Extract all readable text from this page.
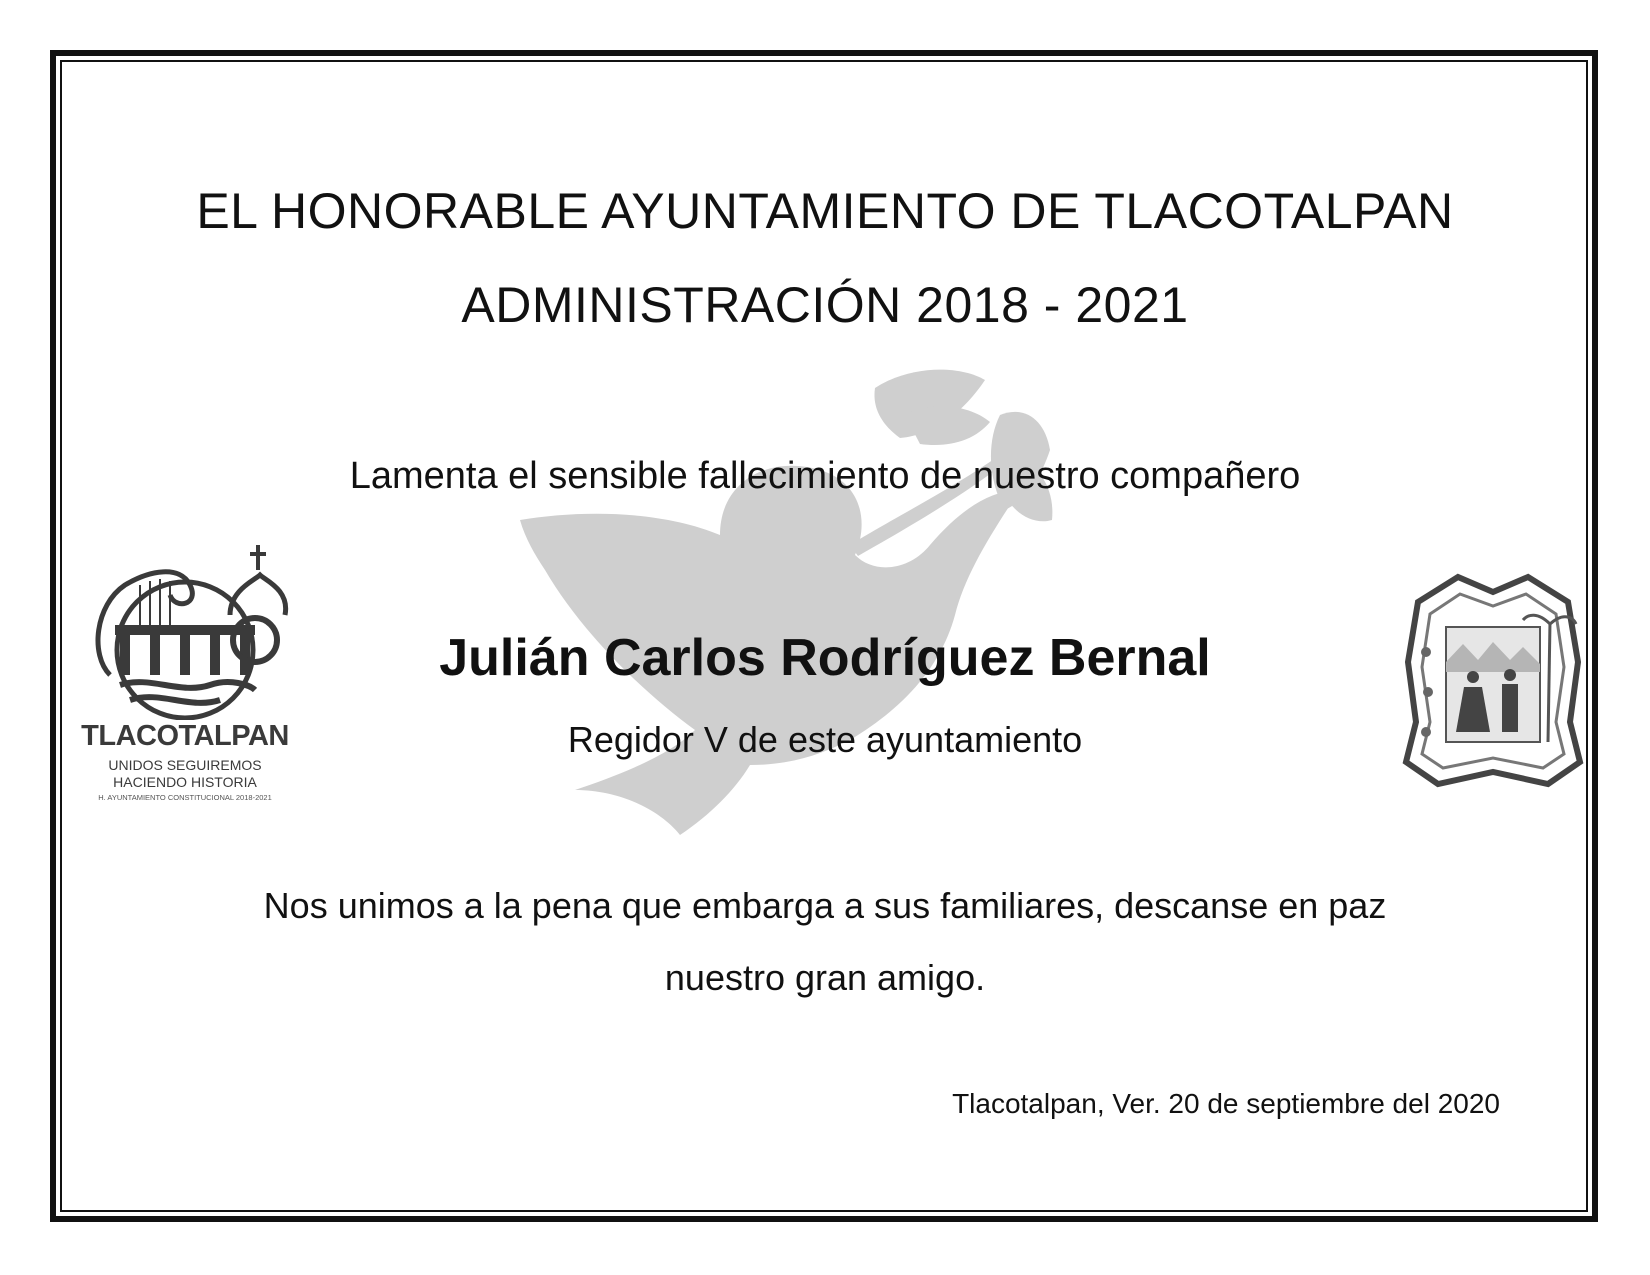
EL HONORABLE AYUNTAMIENTO DE TLACOTALPAN
ADMINISTRACIÓN 2018 - 2021
Lamenta el sensible fallecimiento de nuestro compañero
Julián Carlos Rodríguez Bernal
Regidor V de este ayuntamiento
Nos unimos a la pena que embarga a sus familiares, descanse en paz
nuestro gran amigo.
Tlacotalpan, Ver. 20 de septiembre del 2020
TLACOTALPAN
UNIDOS SEGUIREMOS
HACIENDO HISTORIA
H. AYUNTAMIENTO CONSTITUCIONAL 2018-2021
